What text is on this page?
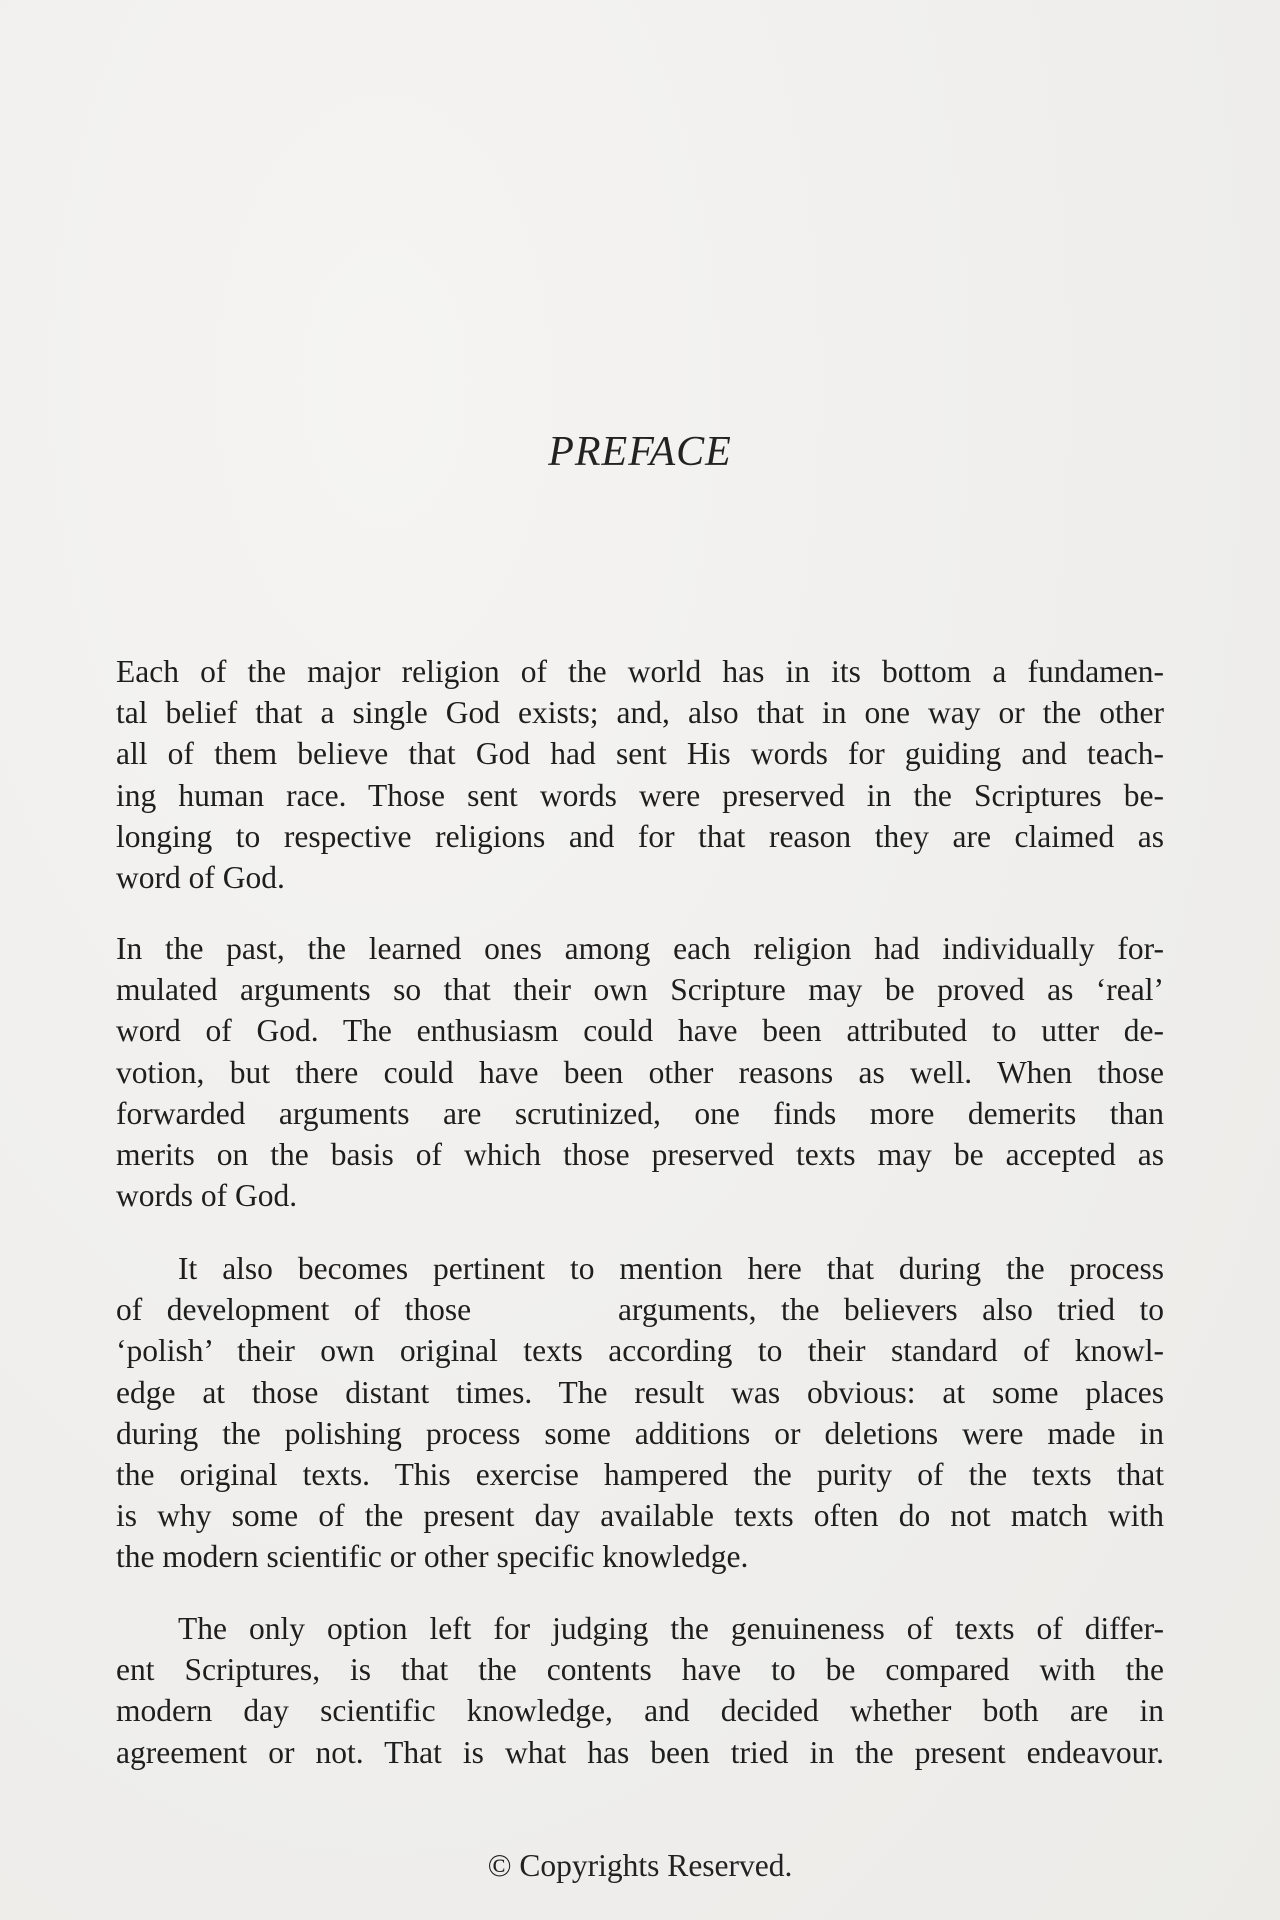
PREFACE
Each of the major religion of the world has in its bottom a fundamen-
tal belief that a single God exists; and, also that in one way or the other
all of them believe that God had sent His words for guiding and teach-
ing human race. Those sent words were preserved in the Scriptures be-
longing to respective religions and for that reason they are claimed as
word of God.
In the past, the learned ones among each religion had individually for-
mulated arguments so that their own Scripture may be proved as ‘real’
word of God. The enthusiasm could have been attributed to utter de-
votion, but there could have been other reasons as well. When those
forwarded arguments are scrutinized, one finds more demerits than
merits on the basis of which those preserved texts may be accepted as
words of God.
It also becomes pertinent to mention here that during the process
of development of those      arguments, the believers also tried to
‘polish’ their own original texts according to their standard of knowl-
edge at those distant times. The result was obvious: at some places
during the polishing process some additions or deletions were made in
the original texts. This exercise hampered the purity of the texts that
is why some of the present day available texts often do not match with
the modern scientific or other specific knowledge.
The only option left for judging the genuineness of texts of differ-
ent Scriptures, is that the contents have to be compared with the
modern day scientific knowledge, and decided whether both are in
agreement or not. That is what has been tried in the present endeavour.
© Copyrights Reserved.
